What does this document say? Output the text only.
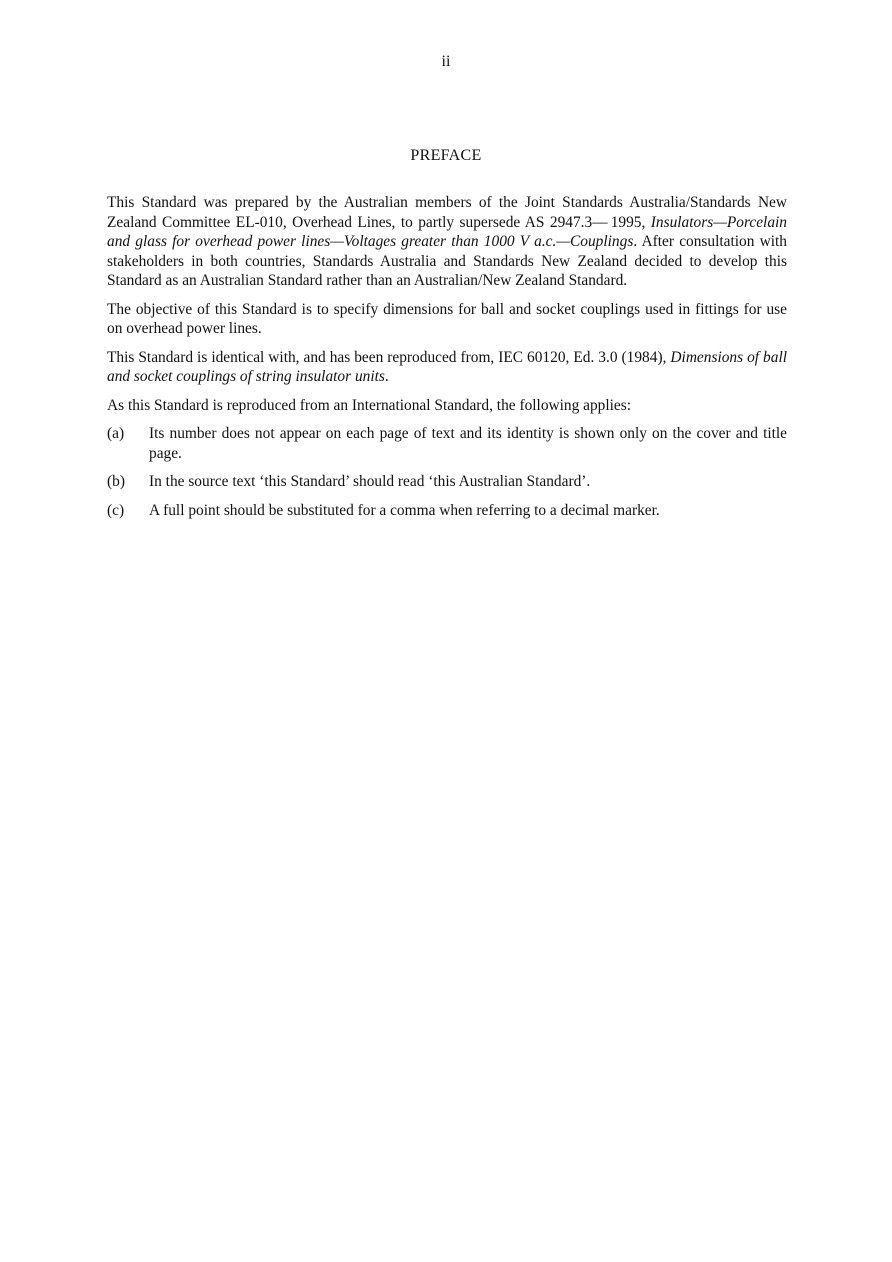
ii
PREFACE

This Standard was prepared by the Australian members of the Joint Standards Australia/Standards New Zealand Committee EL-010, Overhead Lines, to partly supersede AS 2947.3— 1995, Insulators—Porcelain and glass for overhead power lines—Voltages greater than 1000 V a.c.—Couplings. After consultation with stakeholders in both countries, Standards Australia and Standards New Zealand decided to develop this Standard as an Australian Standard rather than an Australian/New Zealand Standard.

The objective of this Standard is to specify dimensions for ball and socket couplings used in fittings for use on overhead power lines.

This Standard is identical with, and has been reproduced from, IEC 60120, Ed. 3.0 (1984), Dimensions of ball and socket couplings of string insulator units.

As this Standard is reproduced from an International Standard, the following applies:

(a)	Its number does not appear on each page of text and its identity is shown only on the cover and title page.
(b)	In the source text ‘this Standard’ should read ‘this Australian Standard’.
(c)	A full point should be substituted for a comma when referring to a decimal marker.
